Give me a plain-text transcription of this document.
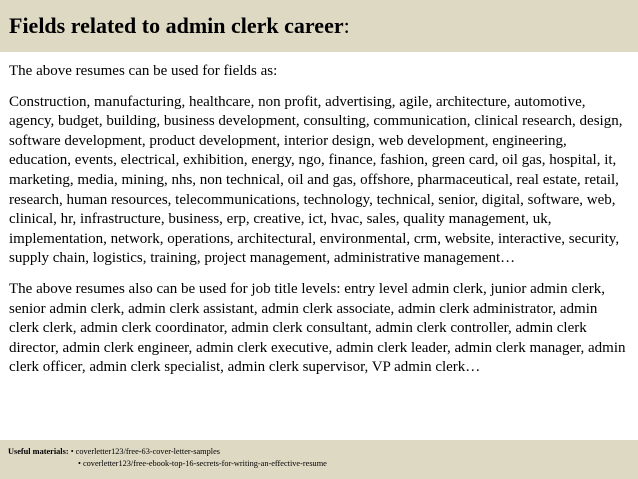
Fields related to admin clerk career:

The above resumes can be used for fields as:

Construction, manufacturing, healthcare, non profit, advertising, agile, architecture, automotive, agency, budget, building, business development, consulting, communication, clinical research, design, software development, product development, interior design, web development, engineering, education, events, electrical, exhibition, energy, ngo, finance, fashion, green card, oil gas, hospital, it, marketing, media, mining, nhs, non technical, oil and gas, offshore, pharmaceutical, real estate, retail, research, human resources, telecommunications, technology, technical, senior, digital, software, web, clinical, hr, infrastructure, business, erp, creative, ict, hvac, sales, quality management, uk, implementation, network, operations, architectural, environmental, crm, website, interactive, security, supply chain, logistics, training, project management, administrative management…

The above resumes also can be used for job title levels: entry level admin clerk, junior admin clerk, senior admin clerk, admin clerk assistant, admin clerk associate, admin clerk administrator, admin clerk clerk, admin clerk coordinator, admin clerk consultant, admin clerk controller, admin clerk director, admin clerk engineer, admin clerk executive, admin clerk leader, admin clerk manager, admin clerk officer, admin clerk specialist, admin clerk supervisor, VP admin clerk…

Useful materials: • coverletter123/free-63-cover-letter-samples
• coverletter123/free-ebook-top-16-secrets-for-writing-an-effective-resume
